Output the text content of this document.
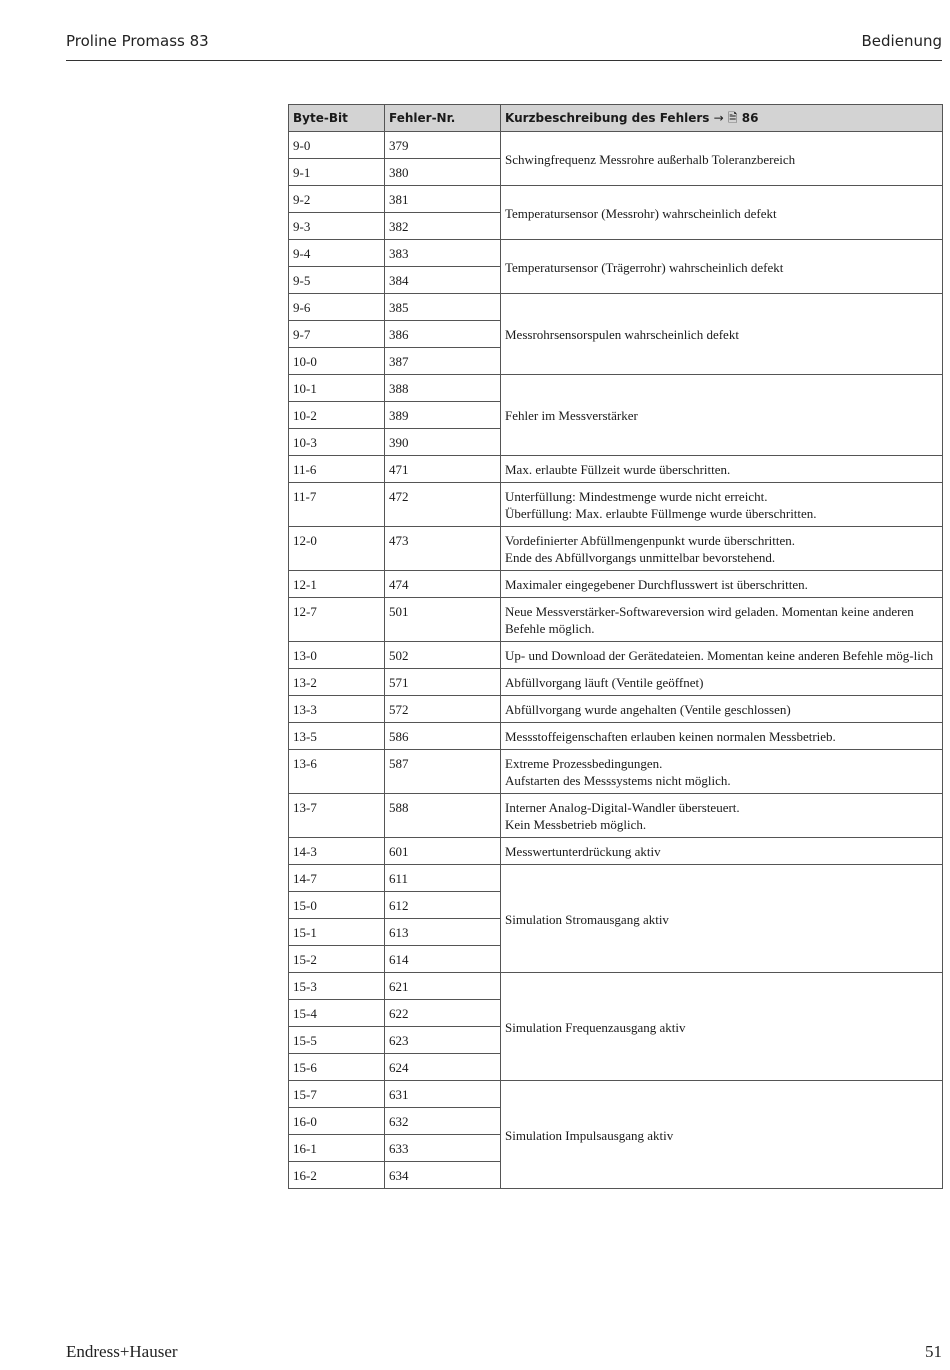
Proline Promass 83	Bedienung
Byte-Bit	Fehler-Nr.	Kurzbeschreibung des Fehlers → 🗎 86
9-0	379	Schwingfrequenz Messrohre außerhalb Toleranzbereich

9-1	380	
9-2	381	Temperatursensor (Messrohr) wahrscheinlich defekt

9-3	382	
9-4	383	Temperatursensor (Trägerrohr) wahrscheinlich defekt

9-5	384	
9-6	385	Messrohrsensorspulen wahrscheinlich defekt

9-7	386	
10-0	387	
10-1	388	Fehler im Messverstärker

10-2	389	
10-3	390	
11-6	471	Max. erlaubte Füllzeit wurde überschritten.

11-7	472	Unterfüllung: Mindestmenge wurde nicht erreicht.
Überfüllung: Max. erlaubte Füllmenge wurde überschritten.

12-0	473	Vordefinierter Abfüllmengenpunkt wurde überschritten.
Ende des Abfüllvorgangs unmittelbar bevorstehend.

12-1	474	Maximaler eingegebener Durchflusswert ist überschritten.

12-7	501	Neue Messverstärker-Softwareversion wird geladen. Momentan keine anderen Befehle möglich.

13-0	502	Up- und Download der Gerätedateien. Momentan keine anderen Befehle mög-lich

13-2	571	Abfüllvorgang läuft (Ventile geöffnet)

13-3	572	Abfüllvorgang wurde angehalten (Ventile geschlossen)

13-5	586	Messstoffeigenschaften erlauben keinen normalen Messbetrieb.

13-6	587	Extreme Prozessbedingungen.
Aufstarten des Messsystems nicht möglich.

13-7	588	Interner Analog-Digital-Wandler übersteuert.
Kein Messbetrieb möglich.

14-3	601	Messwertunterdrückung aktiv

14-7	611	Simulation Stromausgang aktiv

15-0	612	
15-1	613	
15-2	614	
15-3	621	Simulation Frequenzausgang aktiv

15-4	622	
15-5	623	
15-6	624	
15-7	631	Simulation Impulsausgang aktiv

16-0	632	
16-1	633	
16-2	634	
Endress+Hauser	51
